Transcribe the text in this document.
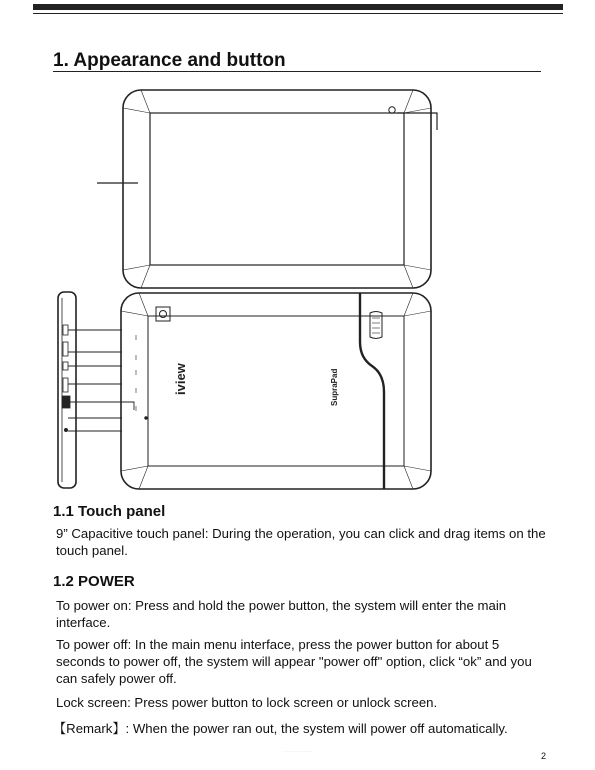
1. Appearance and button
iview	SupraPad
1.1 Touch panel
9” Capacitive touch panel: During the operation, you can click and drag items on the touch panel.
1.2 POWER
To power on: Press and hold the power button, the system will enter the main interface.
To power off: In the main menu interface, press the power button for about 5 seconds to power off, the system will appear "power off" option, click “ok” and you can safely power off.
Lock screen: Press power button to lock screen or unlock screen.
【Remark】: When the power ran out, the system will power off automatically.
2
